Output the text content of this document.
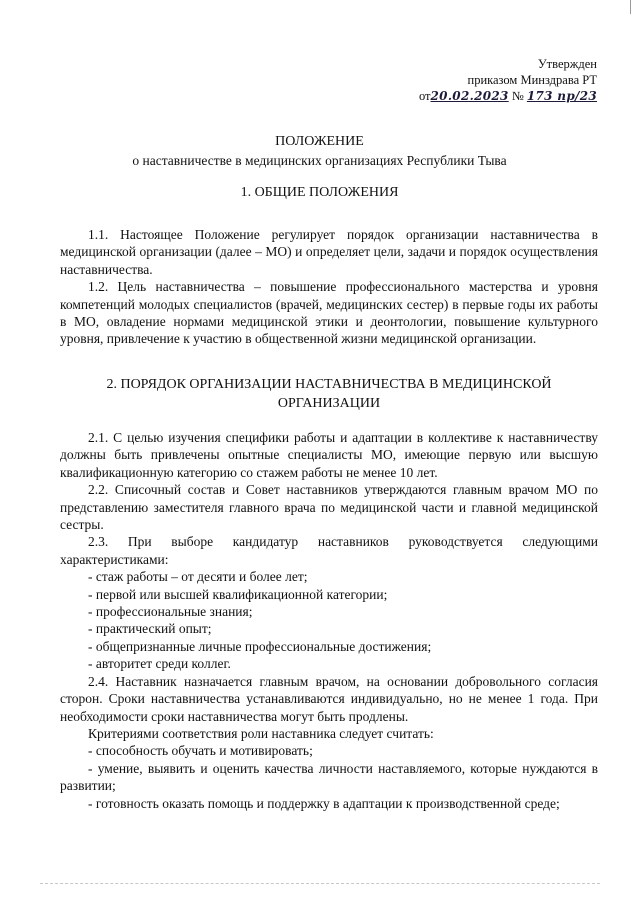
Утвержден
приказом Минздрава РТ
от20.02.2023 № 173 пр/23
ПОЛОЖЕНИЕ
о наставничестве в медицинских организациях Республики Тыва
1. ОБЩИЕ ПОЛОЖЕНИЯ

1.1. Настоящее Положение регулирует порядок организации наставничества в медицинской организации (далее – МО) и определяет цели, задачи и порядок осуществления наставничества.

1.2. Цель наставничества – повышение профессионального мастерства и уровня компетенций молодых специалистов (врачей, медицинских сестер) в первые годы их работы в МО, овладение нормами медицинской этики и деонтологии, повышение культурного уровня, привлечение к участию в общественной жизни медицинской организации.

2. ПОРЯДОК ОРГАНИЗАЦИИ НАСТАВНИЧЕСТВА В МЕДИЦИНСКОЙ ОРГАНИЗАЦИИ

2.1. С целью изучения специфики работы и адаптации в коллективе к наставничеству должны быть привлечены опытные специалисты МО, имеющие первую или высшую квалификационную категорию со стажем работы не менее 10 лет.

2.2. Списочный состав и Совет наставников утверждаются главным врачом МО по представлению заместителя главного врача по медицинской части и главной медицинской сестры.

2.3. При выборе кандидатур наставников руководствуется следующими характеристиками:

- стаж работы – от десяти и более лет;

- первой или высшей квалификационной категории;

- профессиональные знания;

- практический опыт;

- общепризнанные личные профессиональные достижения;

- авторитет среди коллег.

2.4. Наставник назначается главным врачом, на основании добровольного согласия сторон. Сроки наставничества устанавливаются индивидуально, но не менее 1 года. При необходимости сроки наставничества могут быть продлены.

Критериями соответствия роли наставника следует считать:

- способность обучать и мотивировать;

- умение, выявить и оценить качества личности наставляемого, которые нуждаются в развитии;

- готовность оказать помощь и поддержку в адаптации к производственной среде;
